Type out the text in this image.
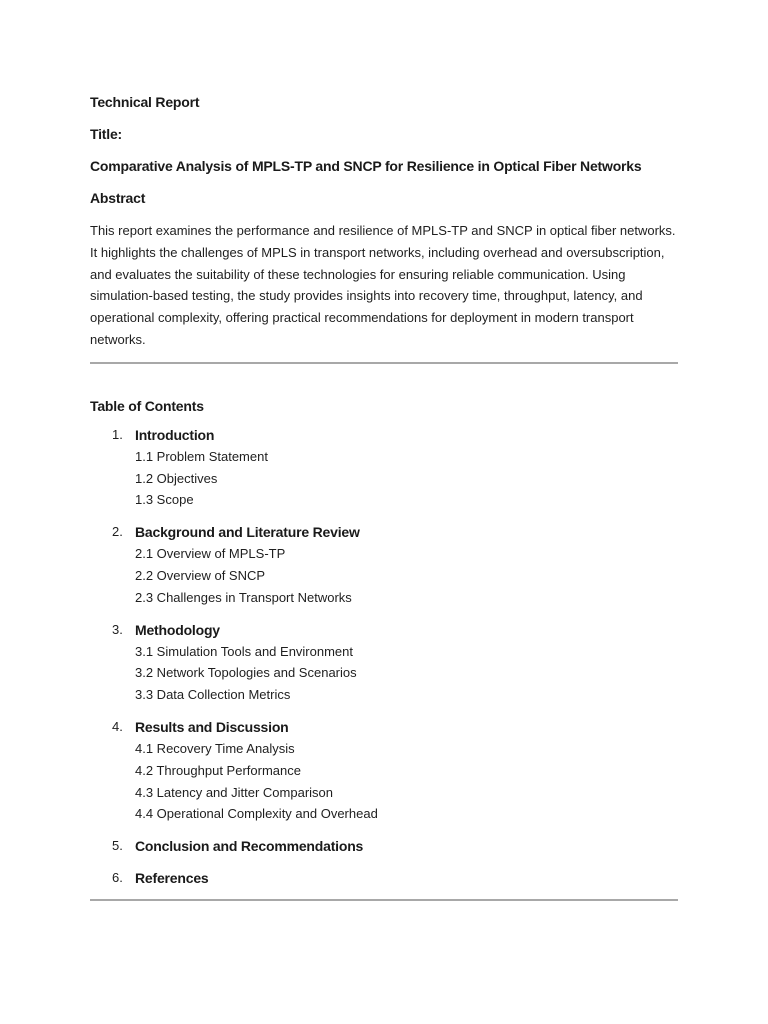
Technical Report

Title:

Comparative Analysis of MPLS-TP and SNCP for Resilience in Optical Fiber Networks

Abstract

This report examines the performance and resilience of MPLS-TP and SNCP in optical fiber networks. It highlights the challenges of MPLS in transport networks, including overhead and oversubscription, and evaluates the suitability of these technologies for ensuring reliable communication. Using simulation-based testing, the study provides insights into recovery time, throughput, latency, and operational complexity, offering practical recommendations for deployment in modern transport networks.

Table of Contents

1. Introduction
1.1 Problem Statement
1.2 Objectives
1.3 Scope
2. Background and Literature Review
2.1 Overview of MPLS-TP
2.2 Overview of SNCP
2.3 Challenges in Transport Networks
3. Methodology
3.1 Simulation Tools and Environment
3.2 Network Topologies and Scenarios
3.3 Data Collection Metrics
4. Results and Discussion
4.1 Recovery Time Analysis
4.2 Throughput Performance
4.3 Latency and Jitter Comparison
4.4 Operational Complexity and Overhead
5. Conclusion and Recommendations
6. References
